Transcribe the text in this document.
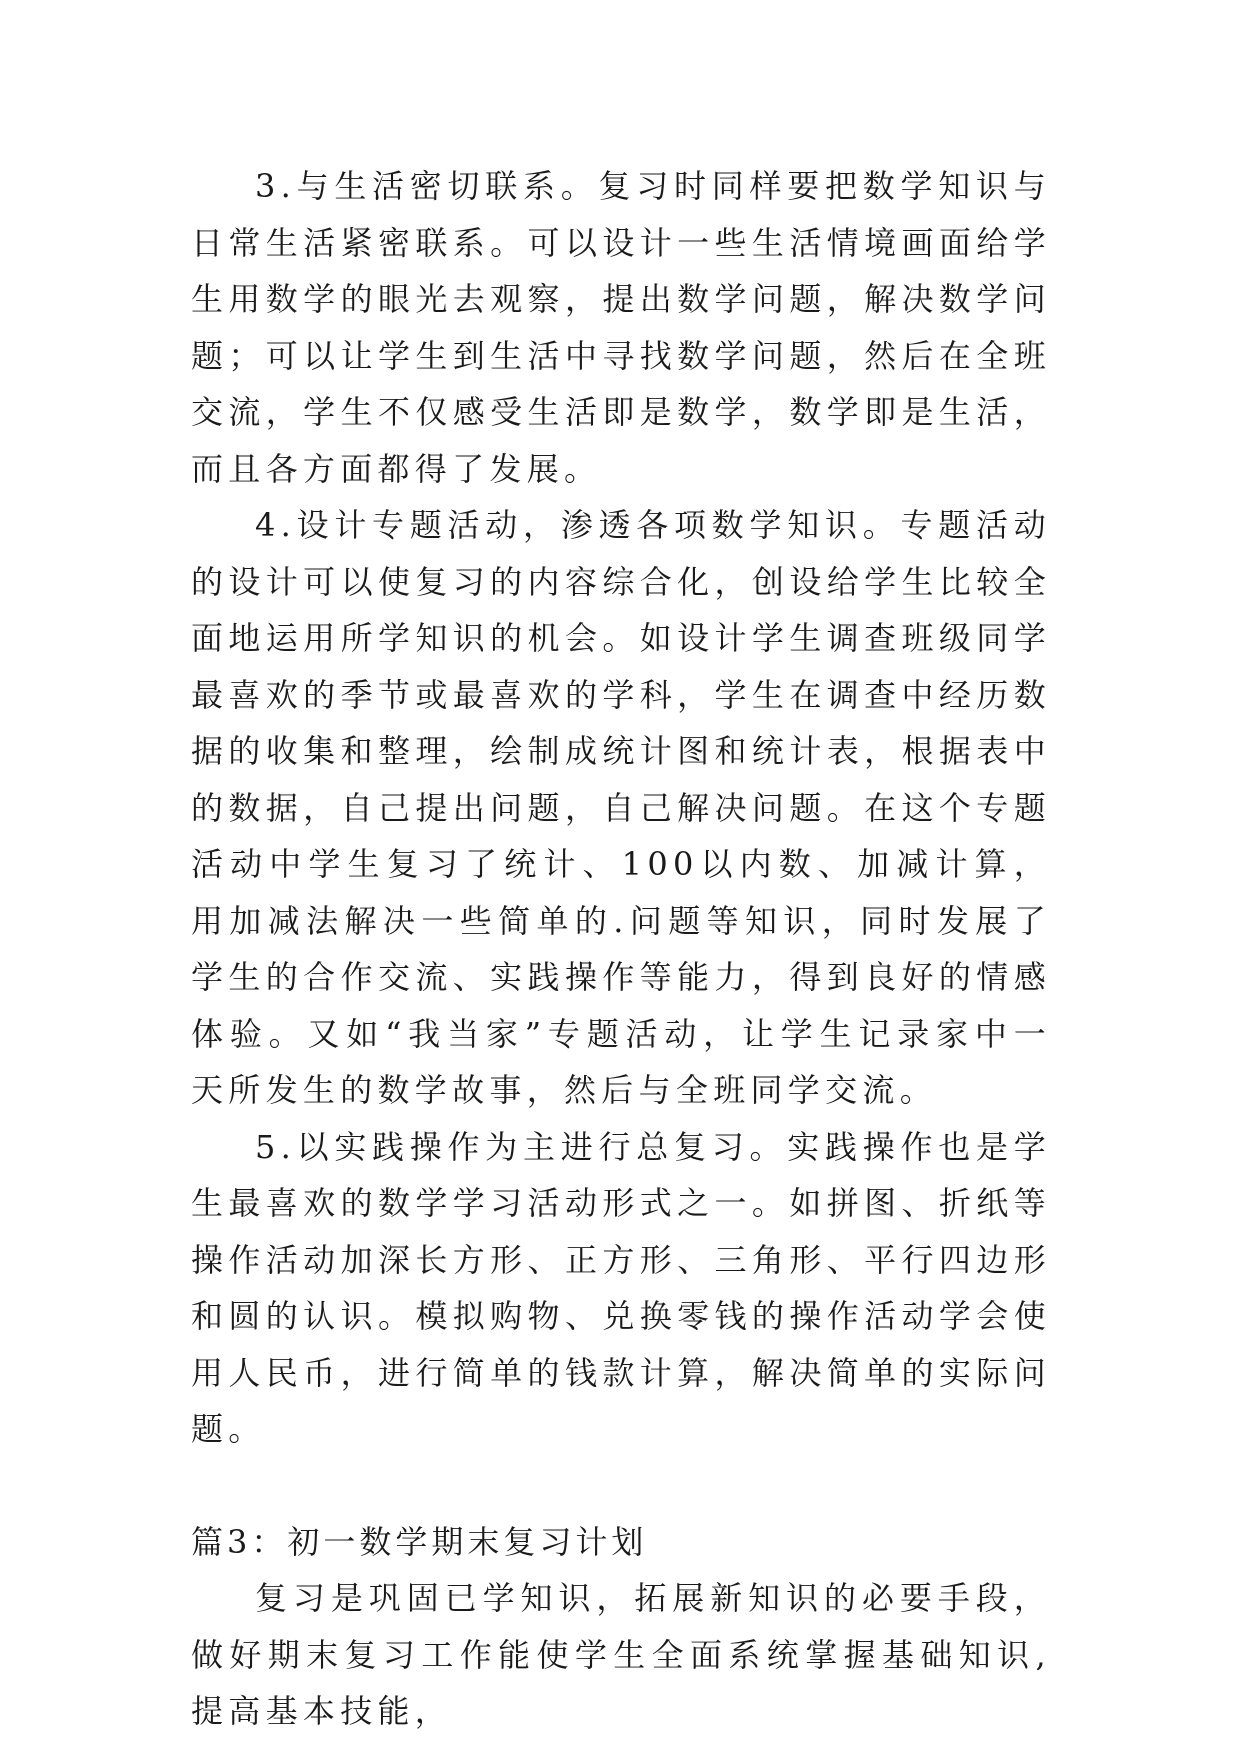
3.与生活密切联系。复习时同样要把数学知识与日常生活紧密联系。可以设计一些生活情境画面给学生用数学的眼光去观察，提出数学问题，解决数学问题；可以让学生到生活中寻找数学问题，然后在全班交流，学生不仅感受生活即是数学，数学即是生活，而且各方面都得了发展。

4.设计专题活动，渗透各项数学知识。专题活动的设计可以使复习的内容综合化，创设给学生比较全面地运用所学知识的机会。如设计学生调查班级同学最喜欢的季节或最喜欢的学科，学生在调查中经历数据的收集和整理，绘制成统计图和统计表，根据表中的数据，自己提出问题，自己解决问题。在这个专题活动中学生复习了统计、100以内数、加减计算，用加减法解决一些简单的.问题等知识，同时发展了学生的合作交流、实践操作等能力，得到良好的情感体验。又如“我当家”专题活动，让学生记录家中一天所发生的数学故事，然后与全班同学交流。

5.以实践操作为主进行总复习。实践操作也是学生最喜欢的数学学习活动形式之一。如拼图、折纸等操作活动加深长方形、正方形、三角形、平行四边形和圆的认识。模拟购物、兑换零钱的操作活动学会使用人民币，进行简单的钱款计算，解决简单的实际问题。

篇3：初一数学期末复习计划

复习是巩固已学知识，拓展新知识的必要手段，做好期末复习工作能使学生全面系统掌握基础知识,提高基本技能，
